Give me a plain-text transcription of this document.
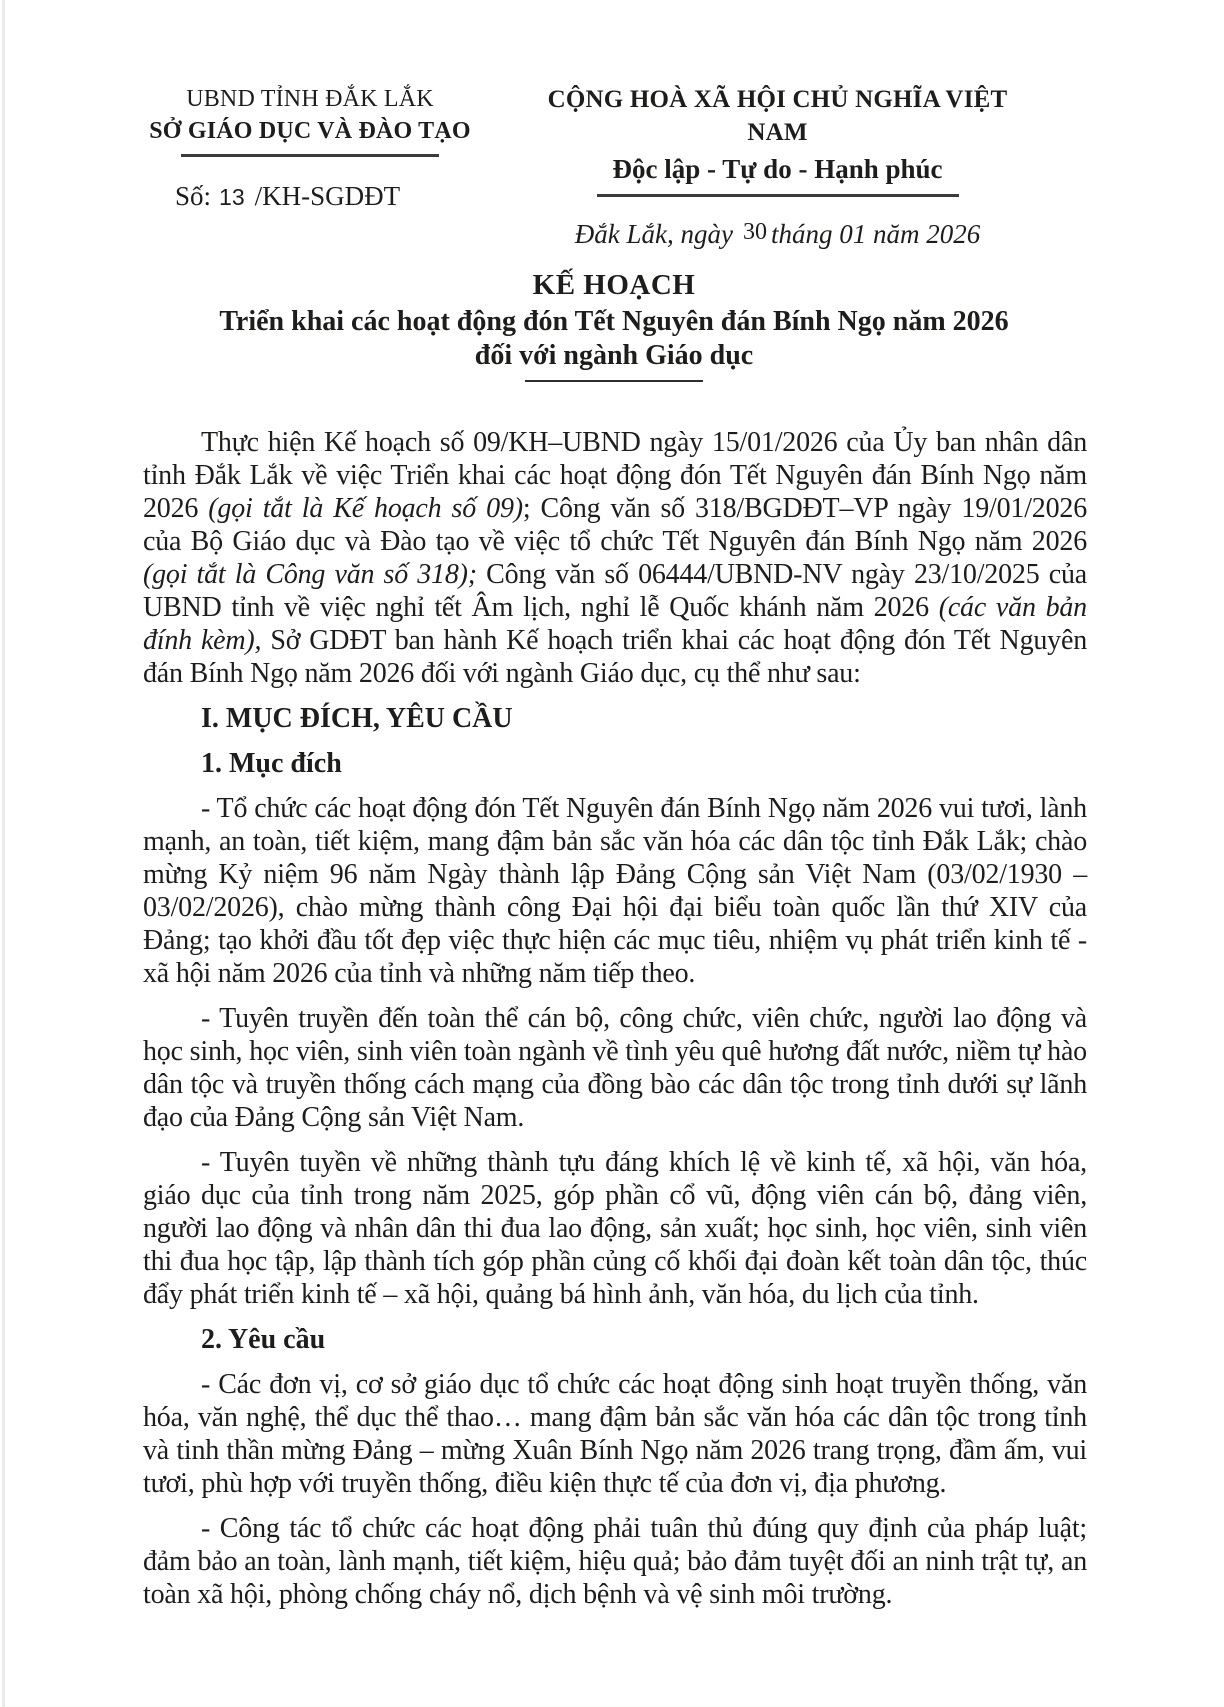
UBND TỈNH ĐẮK LẮK
SỞ GIÁO DỤC VÀ ĐÀO TẠO
Số: 13 /KH-SGDĐT
CỘNG HOÀ XÃ HỘI CHỦ NGHĨA VIỆT NAM
Độc lập - Tự do - Hạnh phúc
Đắk Lắk, ngày 30 tháng 01 năm 2026
KẾ HOẠCH
Triển khai các hoạt động đón Tết Nguyên đán Bính Ngọ năm 2026
đối với ngành Giáo dục

Thực hiện Kế hoạch số 09/KH–UBND ngày 15/01/2026 của Ủy ban nhân dân tỉnh Đắk Lắk về việc Triển khai các hoạt động đón Tết Nguyên đán Bính Ngọ năm 2026 (gọi tắt là Kế hoạch số 09); Công văn số 318/BGDĐT–VP ngày 19/01/2026 của Bộ Giáo dục và Đào tạo về việc tổ chức Tết Nguyên đán Bính Ngọ năm 2026 (gọi tắt là Công văn số 318); Công văn số 06444/UBND-NV ngày 23/10/2025 của UBND tỉnh về việc nghỉ tết Âm lịch, nghỉ lễ Quốc khánh năm 2026 (các văn bản đính kèm), Sở GDĐT ban hành Kế hoạch triển khai các hoạt động đón Tết Nguyên đán Bính Ngọ năm 2026 đối với ngành Giáo dục, cụ thể như sau:

I. MỤC ĐÍCH, YÊU CẦU

1. Mục đích

- Tổ chức các hoạt động đón Tết Nguyên đán Bính Ngọ năm 2026 vui tươi, lành mạnh, an toàn, tiết kiệm, mang đậm bản sắc văn hóa các dân tộc tỉnh Đắk Lắk; chào mừng Kỷ niệm 96 năm Ngày thành lập Đảng Cộng sản Việt Nam (03/02/1930 – 03/02/2026), chào mừng thành công Đại hội đại biểu toàn quốc lần thứ XIV của Đảng; tạo khởi đầu tốt đẹp việc thực hiện các mục tiêu, nhiệm vụ phát triển kinh tế - xã hội năm 2026 của tỉnh và những năm tiếp theo.

- Tuyên truyền đến toàn thể cán bộ, công chức, viên chức, người lao động và học sinh, học viên, sinh viên toàn ngành về tình yêu quê hương đất nước, niềm tự hào dân tộc và truyền thống cách mạng của đồng bào các dân tộc trong tỉnh dưới sự lãnh đạo của Đảng Cộng sản Việt Nam.

- Tuyên tuyền về những thành tựu đáng khích lệ về kinh tế, xã hội, văn hóa, giáo dục của tỉnh trong năm 2025, góp phần cổ vũ, động viên cán bộ, đảng viên, người lao động và nhân dân thi đua lao động, sản xuất; học sinh, học viên, sinh viên thi đua học tập, lập thành tích góp phần củng cố khối đại đoàn kết toàn dân tộc, thúc đẩy phát triển kinh tế – xã hội, quảng bá hình ảnh, văn hóa, du lịch của tỉnh.

2. Yêu cầu

- Các đơn vị, cơ sở giáo dục tổ chức các hoạt động sinh hoạt truyền thống, văn hóa, văn nghệ, thể dục thể thao… mang đậm bản sắc văn hóa các dân tộc trong tỉnh và tinh thần mừng Đảng – mừng Xuân Bính Ngọ năm 2026 trang trọng, đầm ấm, vui tươi, phù hợp với truyền thống, điều kiện thực tế của đơn vị, địa phương.

- Công tác tổ chức các hoạt động phải tuân thủ đúng quy định của pháp luật; đảm bảo an toàn, lành mạnh, tiết kiệm, hiệu quả; bảo đảm tuyệt đối an ninh trật tự, an toàn xã hội, phòng chống cháy nổ, dịch bệnh và vệ sinh môi trường.
